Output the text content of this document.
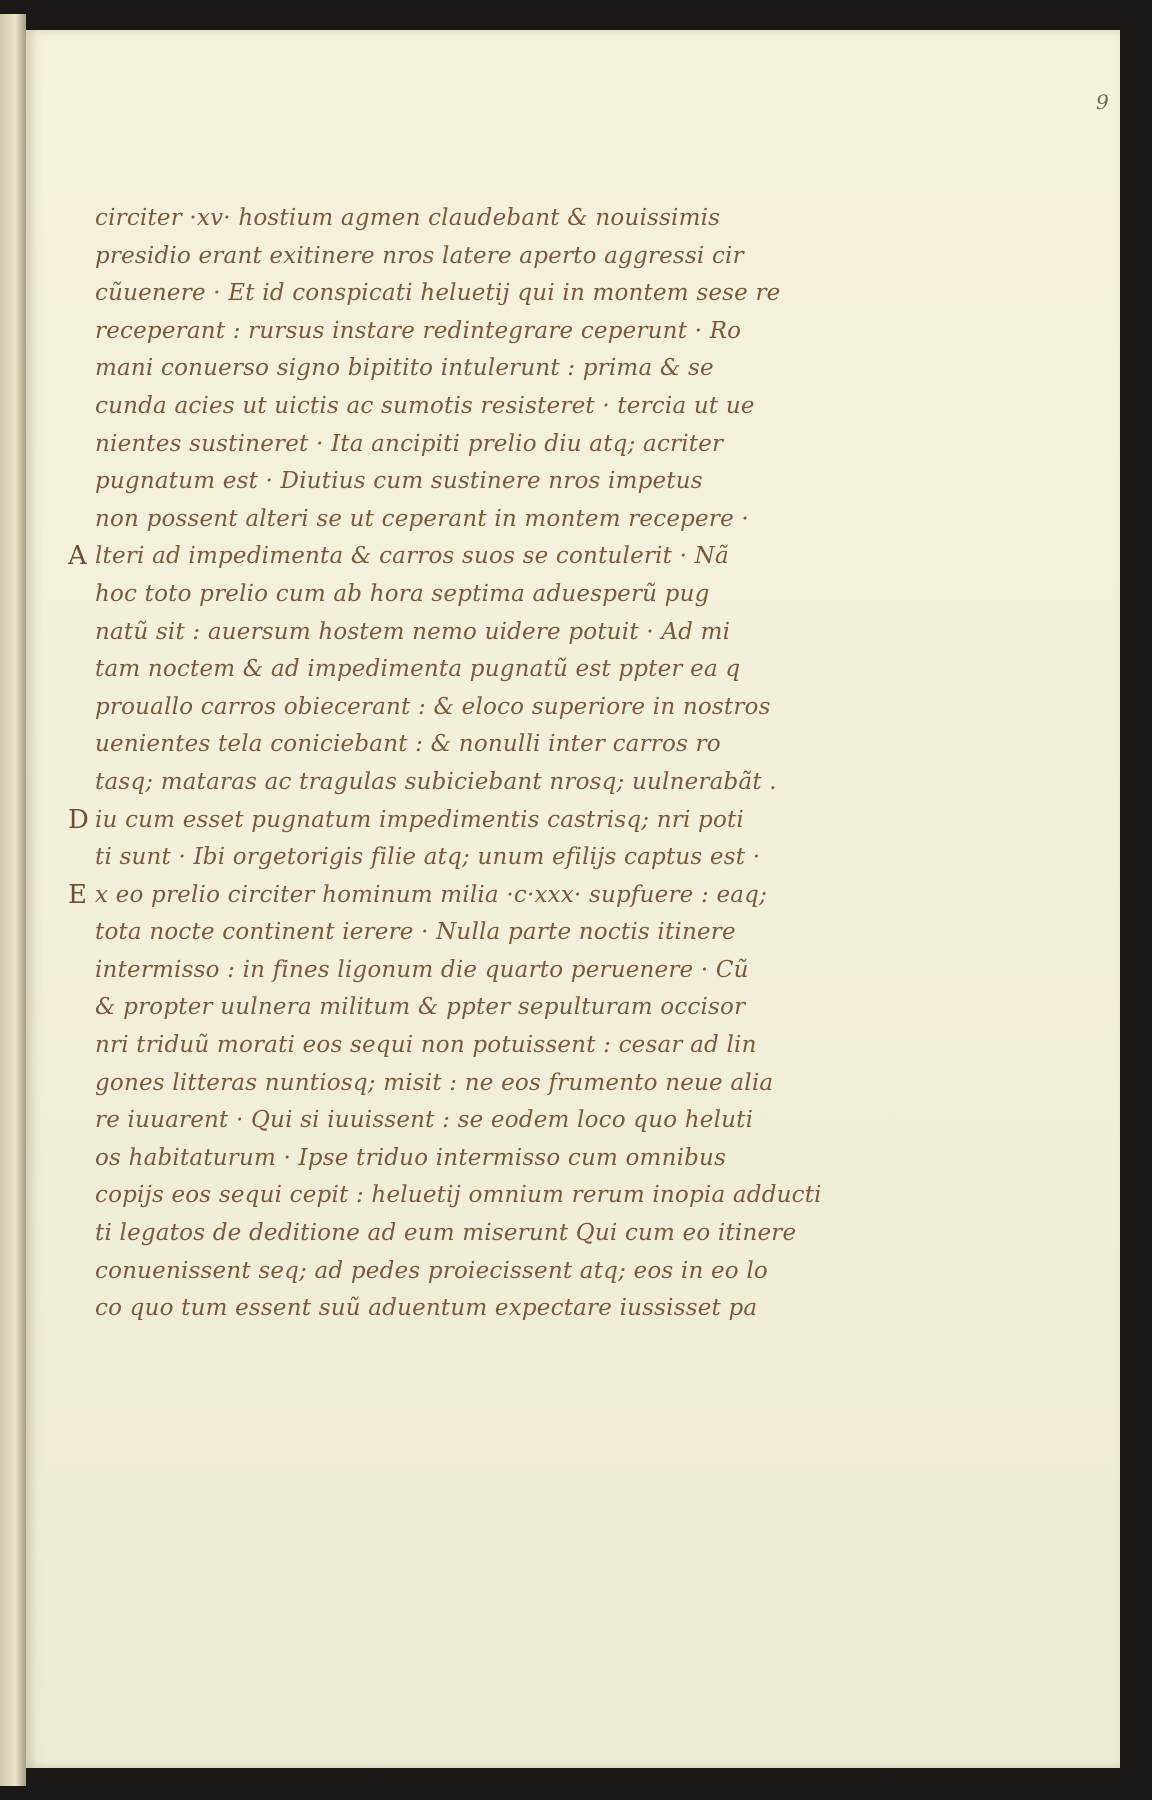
9
circiter ·xv· hostium agmen claudebant & nouissimis
presidio erant exitinere nros latere aperto aggressi cir
cũuenere · Et id conspicati heluetij qui in montem sese re
receperant : rursus instare redintegrare ceperunt · Ro
mani conuerso signo bipitito intulerunt : prima & se
cunda acies ut uictis ac sumotis resisteret · tercia ut ue
nientes sustineret · Ita ancipiti prelio diu atq; acriter
pugnatum est · Diutius cum sustinere nros impetus
non possent alteri se ut ceperant in montem recepere ·
A lteri ad impedimenta & carros suos se contulerit · Nã
hoc toto prelio cum ab hora septima aduesperũ pug
natũ sit : auersum hostem nemo uidere potuit · Ad mi
tam noctem & ad impedimenta pugnatũ est ppter ea q
prouallo carros obiecerant : & eloco superiore in nostros
uenientes tela coniciebant : & nonulli inter carros ro
tasq; mataras ac tragulas subiciebant nrosq; uulnerabãt .
D iu cum esset pugnatum impedimentis castrisq; nri poti
ti sunt · Ibi orgetorigis filie atq; unum efilijs captus est ·
E x eo prelio circiter hominum milia ·c·xxx· supfuere : eaq;
tota nocte continent ierere · Nulla parte noctis itinere
intermisso : in fines ligonum die quarto peruenere · Cũ
& propter uulnera militum & ppter sepulturam occisor
nri triduũ morati eos sequi non potuissent : cesar ad lin
gones litteras nuntiosq; misit : ne eos frumento neue alia
re iuuarent · Qui si iuuissent : se eodem loco quo heluti
os habitaturum · Ipse triduo intermisso cum omnibus
copijs eos sequi cepit : heluetij omnium rerum inopia adducti
ti legatos de deditione ad eum miserunt Qui cum eo itinere
conuenissent seq; ad pedes proiecissent atq; eos in eo lo
co quo tum essent suũ aduentum expectare iussisset pa
